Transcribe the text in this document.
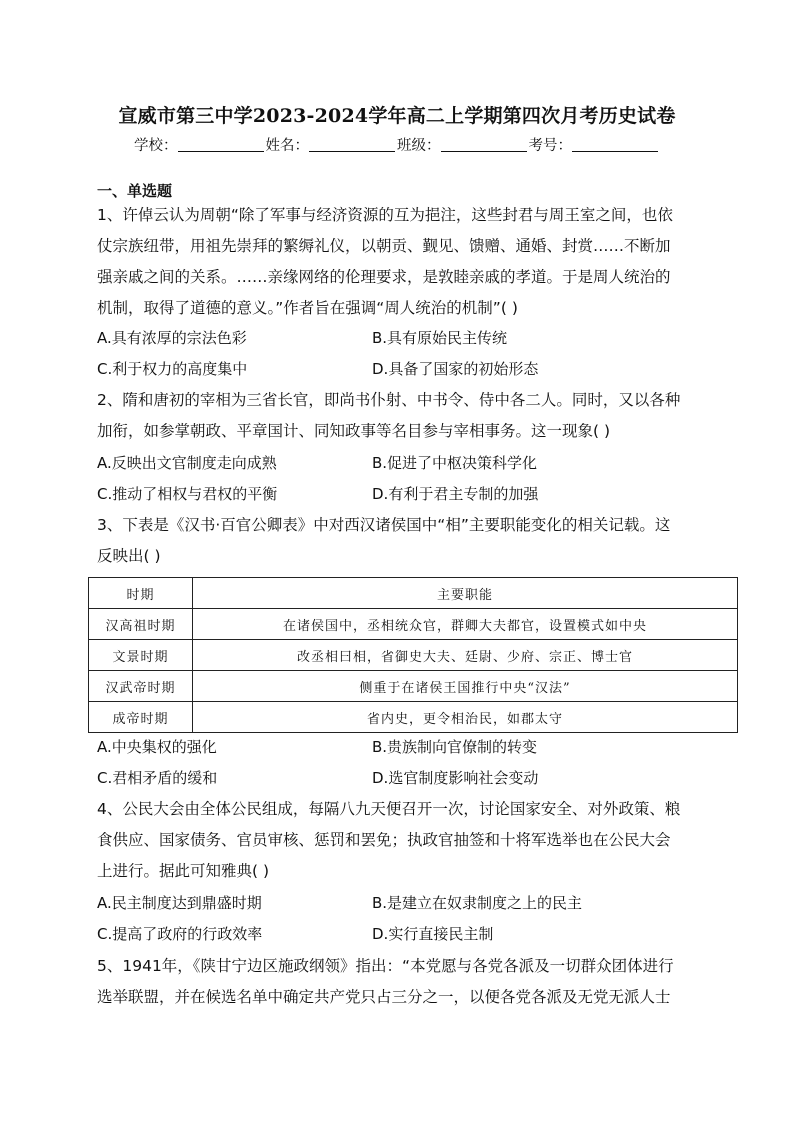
宣威市第三中学2023-2024学年高二上学期第四次月考历史试卷
学校：	姓名：	班级：	考号：
一、单选题
1、许倬云认为周朝“除了军事与经济资源的互为挹注，这些封君与周王室之间，也依
仗宗族纽带，用祖先崇拜的繁缛礼仪，以朝贡、觐见、馈赠、通婚、封赏……不断加
强亲戚之间的关系。……亲缘网络的伦理要求，是敦睦亲戚的孝道。于是周人统治的
机制，取得了道德的意义。”作者旨在强调“周人统治的机制”( )
A.具有浓厚的宗法色彩	B.具有原始民主传统
C.利于权力的高度集中	D.具备了国家的初始形态
2、隋和唐初的宰相为三省长官，即尚书仆射、中书令、侍中各二人。同时，又以各种
加衔，如参掌朝政、平章国计、同知政事等名目参与宰相事务。这一现象( )
A.反映出文官制度走向成熟	B.促进了中枢决策科学化
C.推动了相权与君权的平衡	D.有利于君主专制的加强
3、下表是《汉书·百官公卿表》中对西汉诸侯国中“相”主要职能变化的相关记载。这
反映出( )
时期	主要职能
汉高祖时期	在诸侯国中，丞相统众官，群卿大夫都官，设置模式如中央
文景时期	改丞相曰相，省御史大夫、廷尉、少府、宗正、博士官
汉武帝时期	侧重于在诸侯王国推行中央“汉法”
成帝时期	省内史，更令相治民，如郡太守
A.中央集权的强化	B.贵族制向官僚制的转变
C.君相矛盾的缓和	D.选官制度影响社会变动
4、公民大会由全体公民组成，每隔八九天便召开一次，讨论国家安全、对外政策、粮
食供应、国家债务、官员审核、惩罚和罢免；执政官抽签和十将军选举也在公民大会
上进行。据此可知雅典( )
A.民主制度达到鼎盛时期	B.是建立在奴隶制度之上的民主
C.提高了政府的行政效率	D.实行直接民主制
5、1941年，《陕甘宁边区施政纲领》指出：“本党愿与各党各派及一切群众团体进行
选举联盟，并在候选名单中确定共产党只占三分之一，以便各党各派及无党无派人士
